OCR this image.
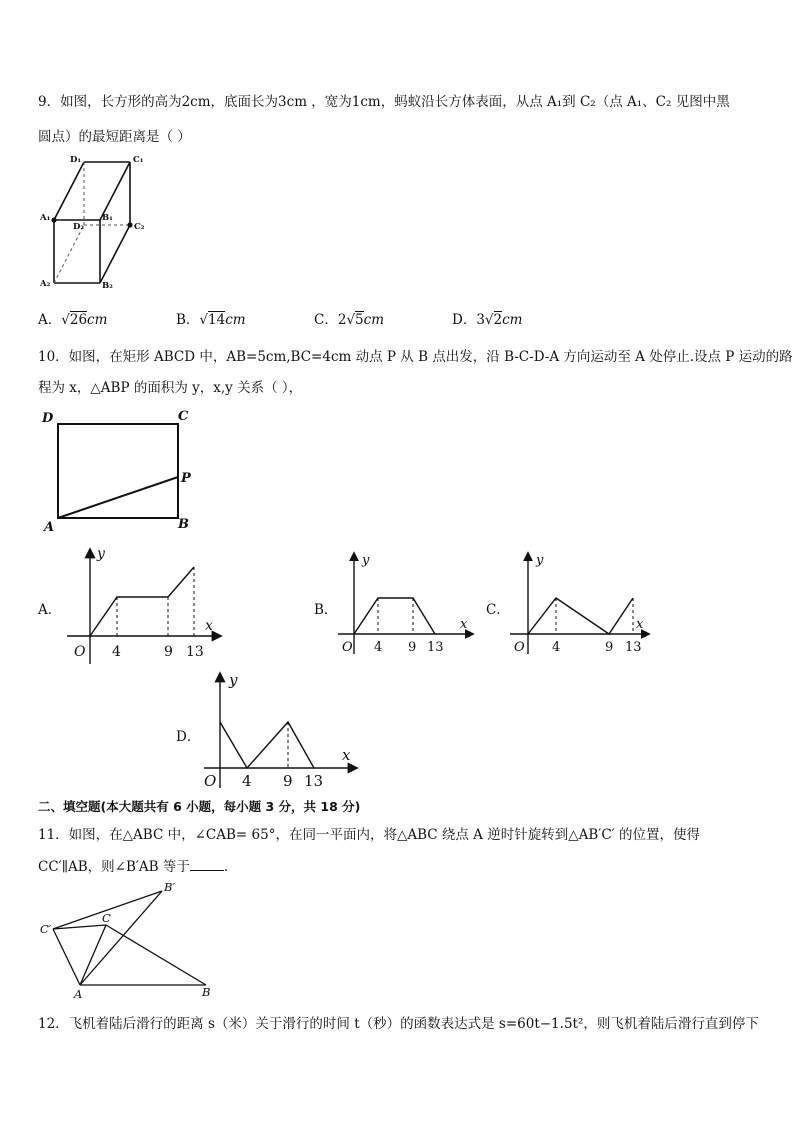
9．如图，长方形的高为2cm，底面长为3cm ，宽为1cm，蚂蚁沿长方体表面，从点 A₁到 C₂（点 A₁、C₂ 见图中黑
圆点）的最短距离是（ ）
D₁	C₁
A₁	B₁
C₂
D₂
A₂	B₂
A．√26cm	B．√14cm	C．2√5cm	D．3√2cm
10．如图，在矩形 ABCD 中，AB=5cm,BC=4cm 动点 P 从 B 点出发，沿 B-C-D-A 方向运动至 A 处停止.设点 P 运动的路
程为 x，△ABP 的面积为 y，x,y 关系（ ），
D	C
P
A	B
A．
y
x
O 4	9 13
B．
y
x
O 4 9 13
C．
y
x
O 4	9 13
D．
y
x
O 4 9 13
二、填空题(本大题共有 6 小题，每小题 3 分，共 18 分)
11．如图，在△ABC 中，∠CAB= 65°，在同一平面内，将△ABC 绕点 A 逆时针旋转到△AB′C′ 的位置，使得
CC′∥AB，则∠B′AB 等于	.
B′
C′
C
A	B
12．飞机着陆后滑行的距离 s（米）关于滑行的时间 t（秒）的函数表达式是 s=60t−1.5t²，则飞机着陆后滑行直到停下
